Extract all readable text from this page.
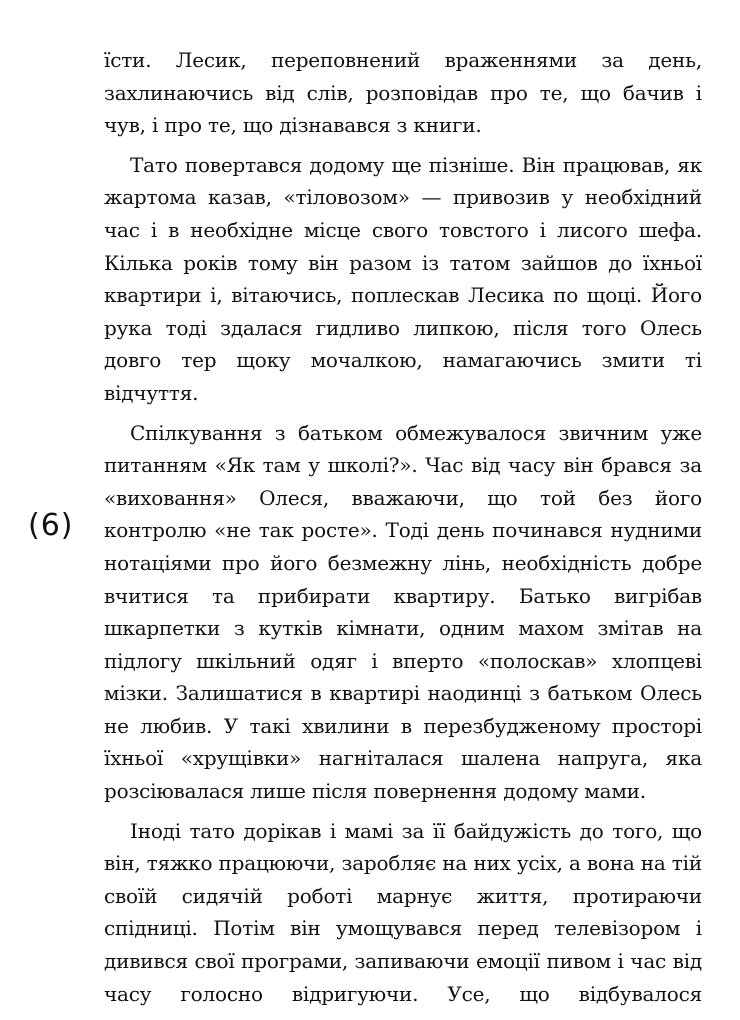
їсти. Лесик, переповнений враженнями за день, захлинаючись від слів, розповідав про те, що бачив і чув, і про те, що дізнавався з книги.

Тато повертався додому ще пізніше. Він працював, як жартома казав, «тіловозом» — привозив у необхідний час і в необхідне місце свого товстого і лисого шефа. Кілька років тому він разом із татом зайшов до їхньої квартири і, вітаючись, поплескав Лесика по щоці. Його рука тоді здалася гидливо липкою, після того Олесь довго тер щоку мочалкою, намагаючись змити ті відчуття.

Спілкування з батьком обмежувалося звичним уже питанням «Як там у школі?». Час від часу він брався за «виховання» Олеся, вважаючи, що той без його контролю «не так росте». Тоді день починався нудними нотаціями про його безмежну лінь, необхідність добре вчитися та прибирати квартиру. Батько вигрібав шкарпетки з кутків кімнати, одним махом змітав на підлогу шкільний одяг і вперто «полоскав» хлопцеві мізки. Залишатися в квартирі наодинці з батьком Олесь не любив. У такі хвилини в перезбудженому просторі їхньої «хрущівки» нагніталася шалена напруга, яка розсіювалася лише після повернення додому мами.

Іноді тато дорікав і мамі за її байдужість до того, що він, тяжко працюючи, заробляє на них усіх, а вона на тій своїй сидячій роботі марнує життя, протираючи спідниці. Потім він умощувався перед телевізором і дивився свої програми, запиваючи емоції пивом і час від часу голосно відригуючи. Усе, що відбувалося

(6)
